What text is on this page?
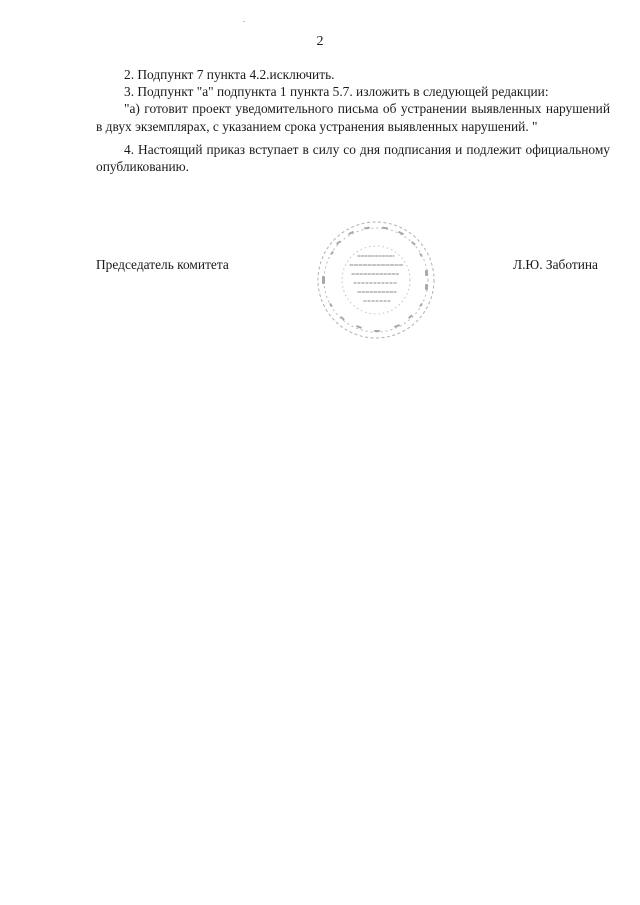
2

2. Подпункт 7 пункта 4.2.исключить.

3. Подпункт "а" подпункта 1 пункта 5.7. изложить в следующей редакции:

"а) готовит проект уведомительного письма об устранении выявленных нарушений в двух экземплярах, с указанием срока устранения выявленных нарушений. "

4. Настоящий приказ вступает в силу со дня подписания и подлежит официальному опубликованию.

Председатель комитета	Л.Ю. Заботина
